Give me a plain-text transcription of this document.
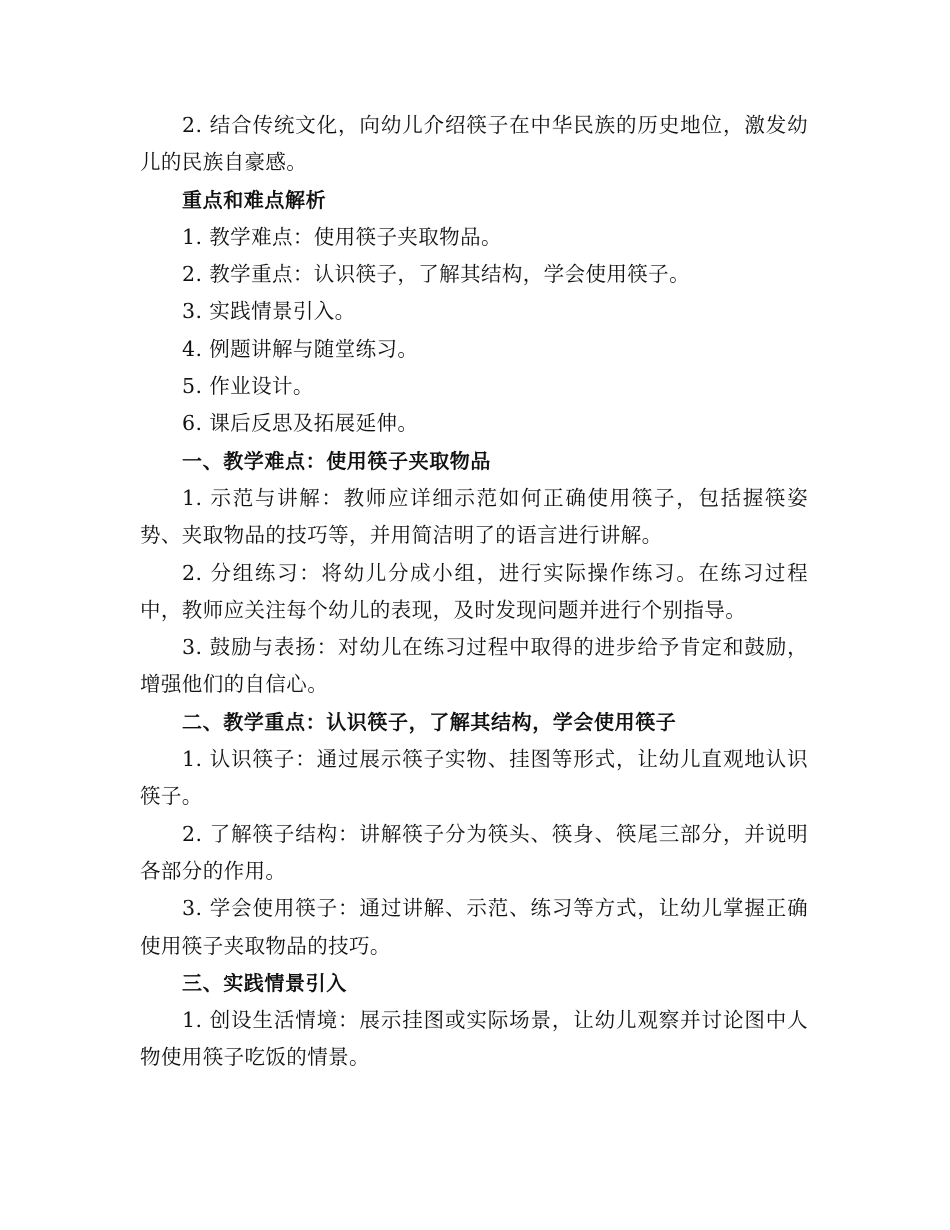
2. 结合传统文化，向幼儿介绍筷子在中华民族的历史地位，激发幼儿的民族自豪感。

重点和难点解析

1. 教学难点：使用筷子夹取物品。

2. 教学重点：认识筷子，了解其结构，学会使用筷子。

3. 实践情景引入。

4. 例题讲解与随堂练习。

5. 作业设计。

6. 课后反思及拓展延伸。

一、教学难点：使用筷子夹取物品

1. 示范与讲解：教师应详细示范如何正确使用筷子，包括握筷姿势、夹取物品的技巧等，并用简洁明了的语言进行讲解。

2. 分组练习：将幼儿分成小组，进行实际操作练习。在练习过程中，教师应关注每个幼儿的表现，及时发现问题并进行个别指导。

3. 鼓励与表扬：对幼儿在练习过程中取得的进步给予肯定和鼓励，增强他们的自信心。

二、教学重点：认识筷子，了解其结构，学会使用筷子

1. 认识筷子：通过展示筷子实物、挂图等形式，让幼儿直观地认识筷子。

2. 了解筷子结构：讲解筷子分为筷头、筷身、筷尾三部分，并说明各部分的作用。

3. 学会使用筷子：通过讲解、示范、练习等方式，让幼儿掌握正确使用筷子夹取物品的技巧。

三、实践情景引入

1. 创设生活情境：展示挂图或实际场景，让幼儿观察并讨论图中人物使用筷子吃饭的情景。
